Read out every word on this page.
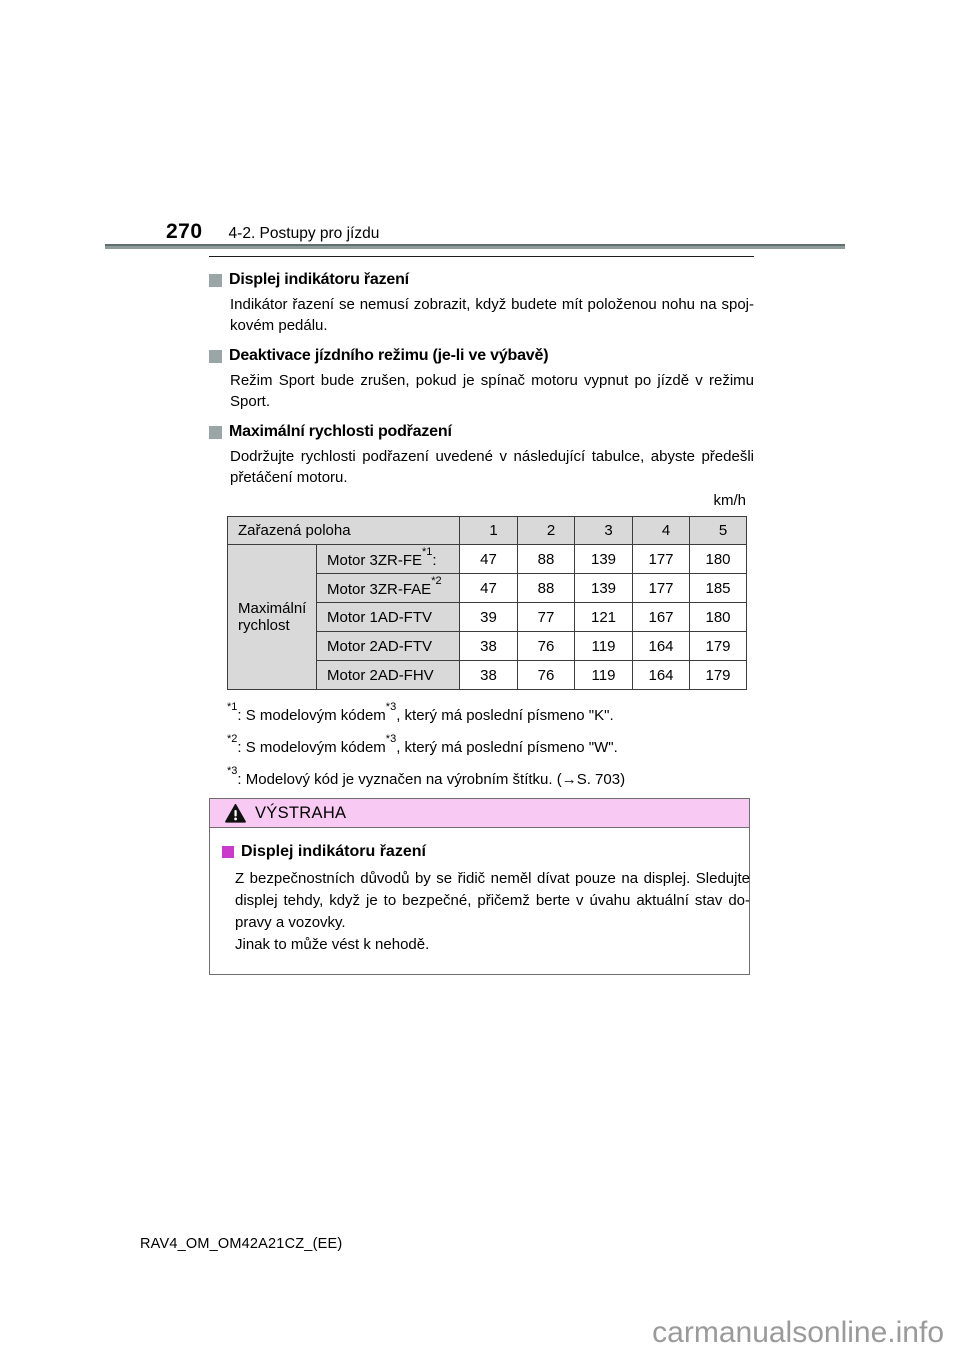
270 4-2. Postupy pro jízdu
Displej indikátoru řazení
Indikátor řazení se nemusí zobrazit, když budete mít položenou nohu na spoj-
kovém pedálu.
Deaktivace jízdního režimu (je-li ve výbavě)
Režim Sport bude zrušen, pokud je spínač motoru vypnut po jízdě v režimu
Sport.
Maximální rychlosti podřazení
Dodržujte rychlosti podřazení uvedené v následující tabulce, abyste předešli
přetáčení motoru.
km/h
Zařazená poloha		1	2	3	4	5
Maximální rychlost	Motor 3ZR-FE$^{*1}$:	47	88	139	177	180
	Motor 3ZR-FAE$^{*2}$	47	88	139	177	185
	Motor 1AD-FTV	39	77	121	167	180
	Motor 2AD-FTV	38	76	119	164	179
	Motor 2AD-FHV	38	76	119	164	179
$^{*1}$: S modelovým kódem$^{*3}$, který má poslední písmeno "K".
$^{*2}$: S modelovým kódem$^{*3}$, který má poslední písmeno "W".
$^{*3}$: Modelový kód je vyznačen na výrobním štítku. (→S. 703)
VÝSTRAHA
Displej indikátoru řazení
Z bezpečnostních důvodů by se řidič neměl dívat pouze na displej. Sledujte
displej tehdy, když je to bezpečné, přičemž berte v úvahu aktuální stav do-
pravy a vozovky.
Jinak to může vést k nehodě.
RAV4_OM_OM42A21CZ_(EE)
carmanualsonline.info
